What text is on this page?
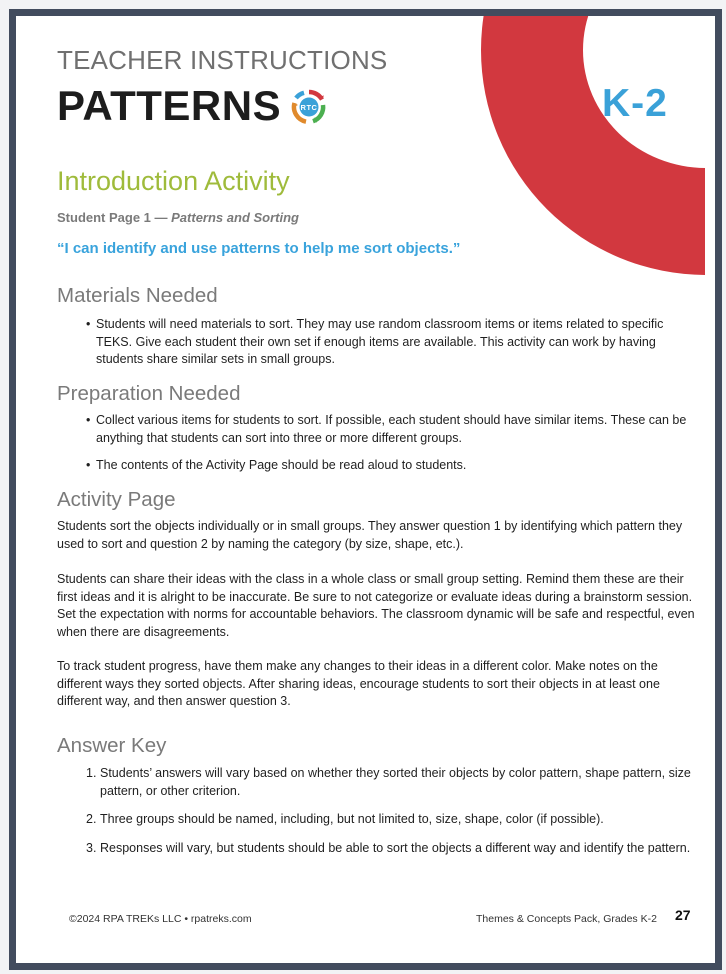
K-2
TEACHER INSTRUCTIONS
PATTERNS	RTC
Introduction Activity
Student Page 1 — Patterns and Sorting
“I can identify and use patterns to help me sort objects.”
Materials Needed
• Students will need materials to sort. They may use random classroom items or items related to specific TEKS. Give each student their own set if enough items are available. This activity can work by having students share similar sets in small groups.
Preparation Needed
• Collect various items for students to sort. If possible, each student should have similar items. These can be anything that students can sort into three or more different groups.
• The contents of the Activity Page should be read aloud to students.
Activity Page

Students sort the objects individually or in small groups. They answer question 1 by identifying which pattern they used to sort and question 2 by naming the category (by size, shape, etc.).

Students can share their ideas with the class in a whole class or small group setting. Remind them these are their first ideas and it is alright to be inaccurate. Be sure to not categorize or evaluate ideas during a brainstorm session. Set the expectation with norms for accountable behaviors. The classroom dynamic will be safe and respectful, even when there are disagreements.

To track student progress, have them make any changes to their ideas in a different color. Make notes on the different ways they sorted objects. After sharing ideas, encourage students to sort their objects in at least one different way, and then answer question 3.

Answer Key
1. Students’ answers will vary based on whether they sorted their objects by color pattern, shape pattern, size pattern, or other criterion.
2. Three groups should be named, including, but not limited to, size, shape, color (if possible).
3. Responses will vary, but students should be able to sort the objects a different way and identify the pattern.
©2024 RPA TREKs LLC • rpatreks.com	Themes & Concepts Pack, Grades K-2 27
